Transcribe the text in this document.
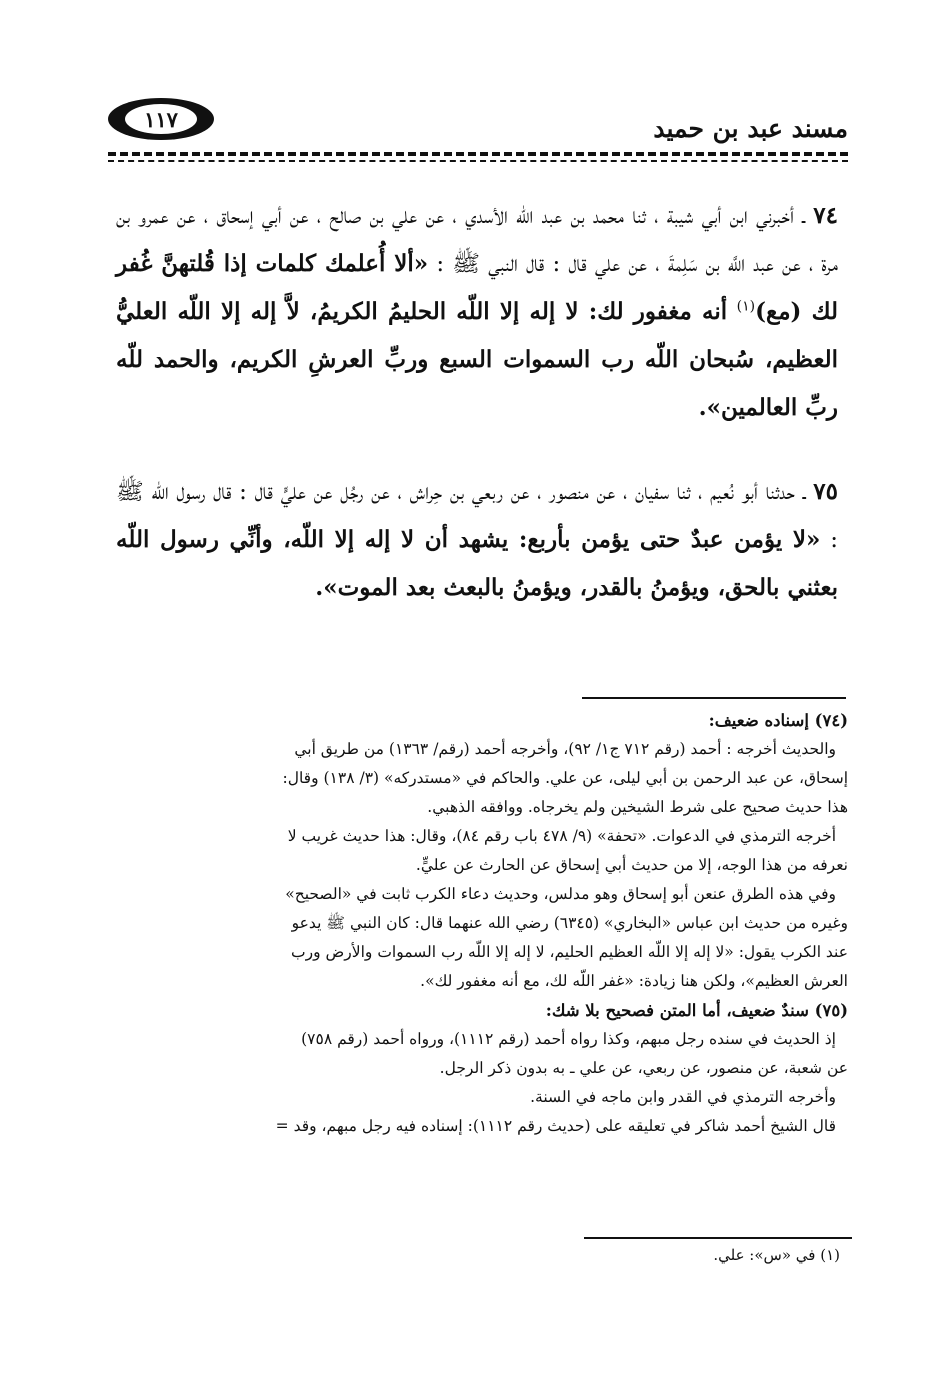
مسند عبد بن حميد
١١٧
٧٤ ـ أخبرني ابن أبي شيبة ، ثنا محمد بن عبد الله الأسدي ، عن علي بن صالح ، عن أبي إسحاق ، عن عمرو بن مرة ، عن عبد اللَّه بن سَلِمةَ ، عن علي قال : قال النبي ﷺ : «ألا أُعلمك كلمات إذا قُلتهنَّ غُفر لك (مع)$^{(١)}$ أنه مغفور لك: لا إله إلا اللّه الحليمُ الكريمُ، لاَّ إله إلا اللّه العليُّ العظيم، سُبحان اللّه رب السموات السبع وربِّ العرشِ الكريم، والحمد للّه ربِّ العالمين».
٧٥ ـ حدثنا أبو نُعيم ، ثنا سفيان ، عن منصور ، عن ربعي بن حِراش ، عن رجُل عن عليٍّ قال : قال رسول اللّه ﷺ : «لا يؤمن عبدٌ حتى يؤمن بأربع: يشهد أن لا إله إلا اللّه، وأنِّي رسول اللّه بعثني بالحق، ويؤمنُ بالقدر، ويؤمنُ بالبعث بعد الموت».

(٧٤) إسناده ضعيف:

والحديث أخرجه : أحمد (رقم ٧١٢ ج١/ ٩٢)، وأخرجه أحمد (رقم/ ١٣٦٣) من طريق أبي

إسحاق، عن عبد الرحمن بن أبي ليلى، عن علي. والحاكم في «مستدركه» (٣/ ١٣٨) وقال:

هذا حديث صحيح على شرط الشيخين ولم يخرجاه. ووافقه الذهبي.

أخرجه الترمذي في الدعوات. «تحفة» (٩/ ٤٧٨ باب رقم ٨٤)، وقال: هذا حديث غريب لا

نعرفه من هذا الوجه، إلا من حديث أبي إسحاق عن الحارث عن عليٍّ.

وفي هذه الطرق عنعن أبو إسحاق وهو مدلس، وحديث دعاء الكرب ثابت في «الصحيح»

وغيره من حديث ابن عباس «البخاري» (٦٣٤٥) رضي الله عنهما قال: كان النبي ﷺ يدعو

عند الكرب يقول: «لا إله إلا اللّه العظيم الحليم، لا إله إلا اللّه رب السموات والأرض ورب

العرش العظيم»، ولكن هنا زيادة: «غفر اللّه لك، مع أنه مغفور لك».

(٧٥) سندٌ ضعيف، أما المتن فصحيح بلا شك:

إذ الحديث في سنده رجل مبهم، وكذا رواه أحمد (رقم ١١١٢)، ورواه أحمد (رقم ٧٥٨)

عن شعبة، عن منصور، عن ربعي، عن علي ـ به بدون ذكر الرجل.

وأخرجه الترمذي في القدر وابن ماجه في السنة.

قال الشيخ أحمد شاكر في تعليقه على (حديث رقم ١١١٢): إسناده فيه رجل مبهم، وقد =

(١) في «س»: علي.
